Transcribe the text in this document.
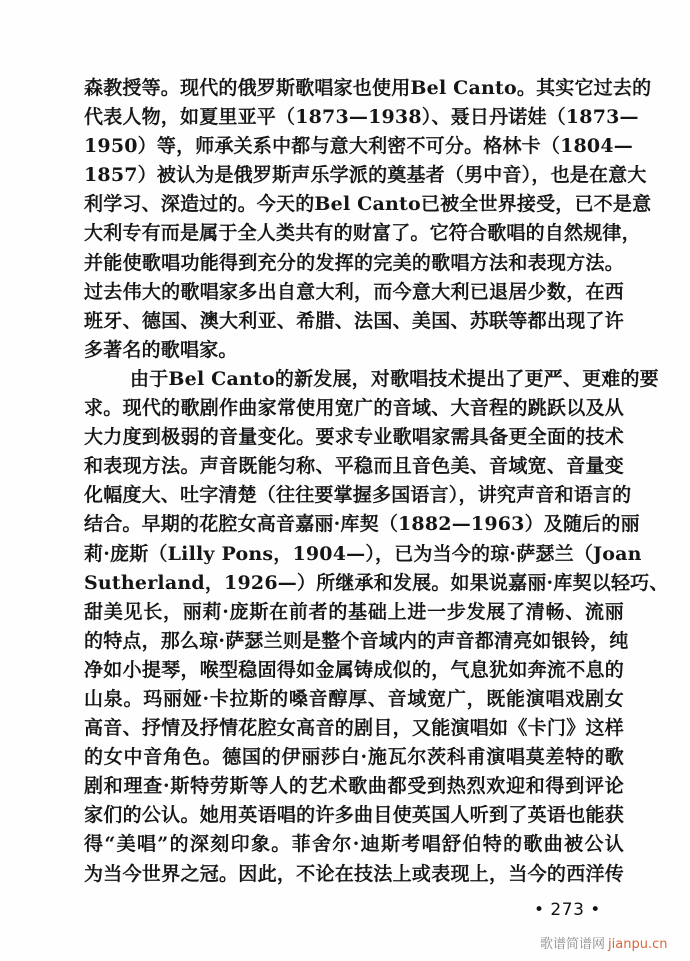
森教授等。现代的俄罗斯歌唱家也使用Bel Canto。其实它过去的
代表人物，如夏里亚平（1873—1938）、聂日丹诺娃（1873—
1950）等，师承关系中都与意大利密不可分。格林卡（1804—
1857）被认为是俄罗斯声乐学派的奠基者（男中音），也是在意大
利学习、深造过的。今天的Bel Canto已被全世界接受，已不是意
大利专有而是属于全人类共有的财富了。它符合歌唱的自然规律，
并能使歌唱功能得到充分的发挥的完美的歌唱方法和表现方法。
过去伟大的歌唱家多出自意大利，而今意大利已退居少数，在西
班牙、德国、澳大利亚、希腊、法国、美国、苏联等都出现了许
多著名的歌唱家。
由于Bel Canto的新发展，对歌唱技术提出了更严、更难的要
求。现代的歌剧作曲家常使用宽广的音域、大音程的跳跃以及从
大力度到极弱的音量变化。要求专业歌唱家需具备更全面的技术
和表现方法。声音既能匀称、平稳而且音色美、音域宽、音量变
化幅度大、吐字清楚（往往要掌握多国语言），讲究声音和语言的
结合。早期的花腔女高音嘉丽·库契（1882—1963）及随后的丽
莉·庞斯（Lilly Pons，1904—），已为当今的琼·萨瑟兰（Joan
Sutherland，1926—）所继承和发展。如果说嘉丽·库契以轻巧、
甜美见长，丽莉·庞斯在前者的基础上进一步发展了清畅、流丽
的特点，那么琼·萨瑟兰则是整个音域内的声音都清亮如银铃，纯
净如小提琴，喉型稳固得如金属铸成似的，气息犹如奔流不息的
山泉。玛丽娅·卡拉斯的嗓音醇厚、音域宽广，既能演唱戏剧女
高音、抒情及抒情花腔女高音的剧目，又能演唱如《卡门》这样
的女中音角色。德国的伊丽莎白·施瓦尔茨科甫演唱莫差特的歌
剧和理查·斯特劳斯等人的艺术歌曲都受到热烈欢迎和得到评论
家们的公认。她用英语唱的许多曲目使英国人听到了英语也能获
得“美唱”的深刻印象。菲舍尔·迪斯考唱舒伯特的歌曲被公认
为当今世界之冠。因此，不论在技法上或表现上，当今的西洋传
• 273 •
歌谱简谱网 jianpu.cn
